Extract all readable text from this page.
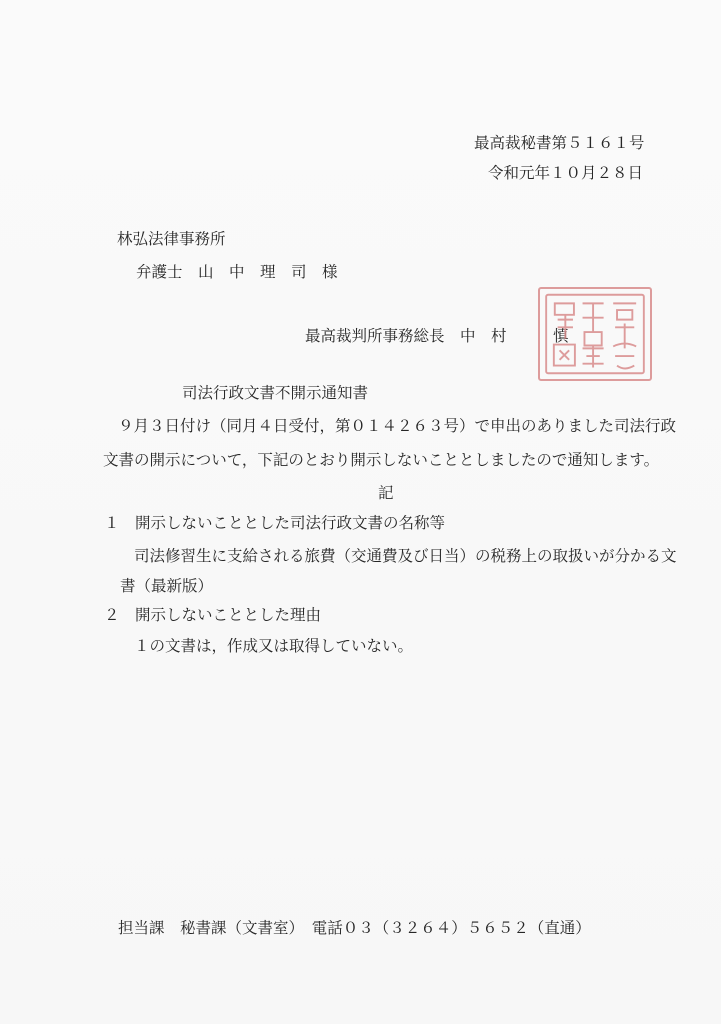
最高裁秘書第５１６１号
令和元年１０月２８日
林弘法律事務所
弁護士　山　中　理　司　様
最高裁判所事務総長　中　村　　　慎
司法行政文書不開示通知書
９月３日付け（同月４日受付，第０１４２６３号）で申出のありました司法行政
文書の開示について，下記のとおり開示しないこととしましたので通知します。
記
１　開示しないこととした司法行政文書の名称等
司法修習生に支給される旅費（交通費及び日当）の税務上の取扱いが分かる文
書（最新版）
２　開示しないこととした理由
１の文書は，作成又は取得していない。
担当課　秘書課（文書室）　電話０３（３２６４）５６５２（直通）
